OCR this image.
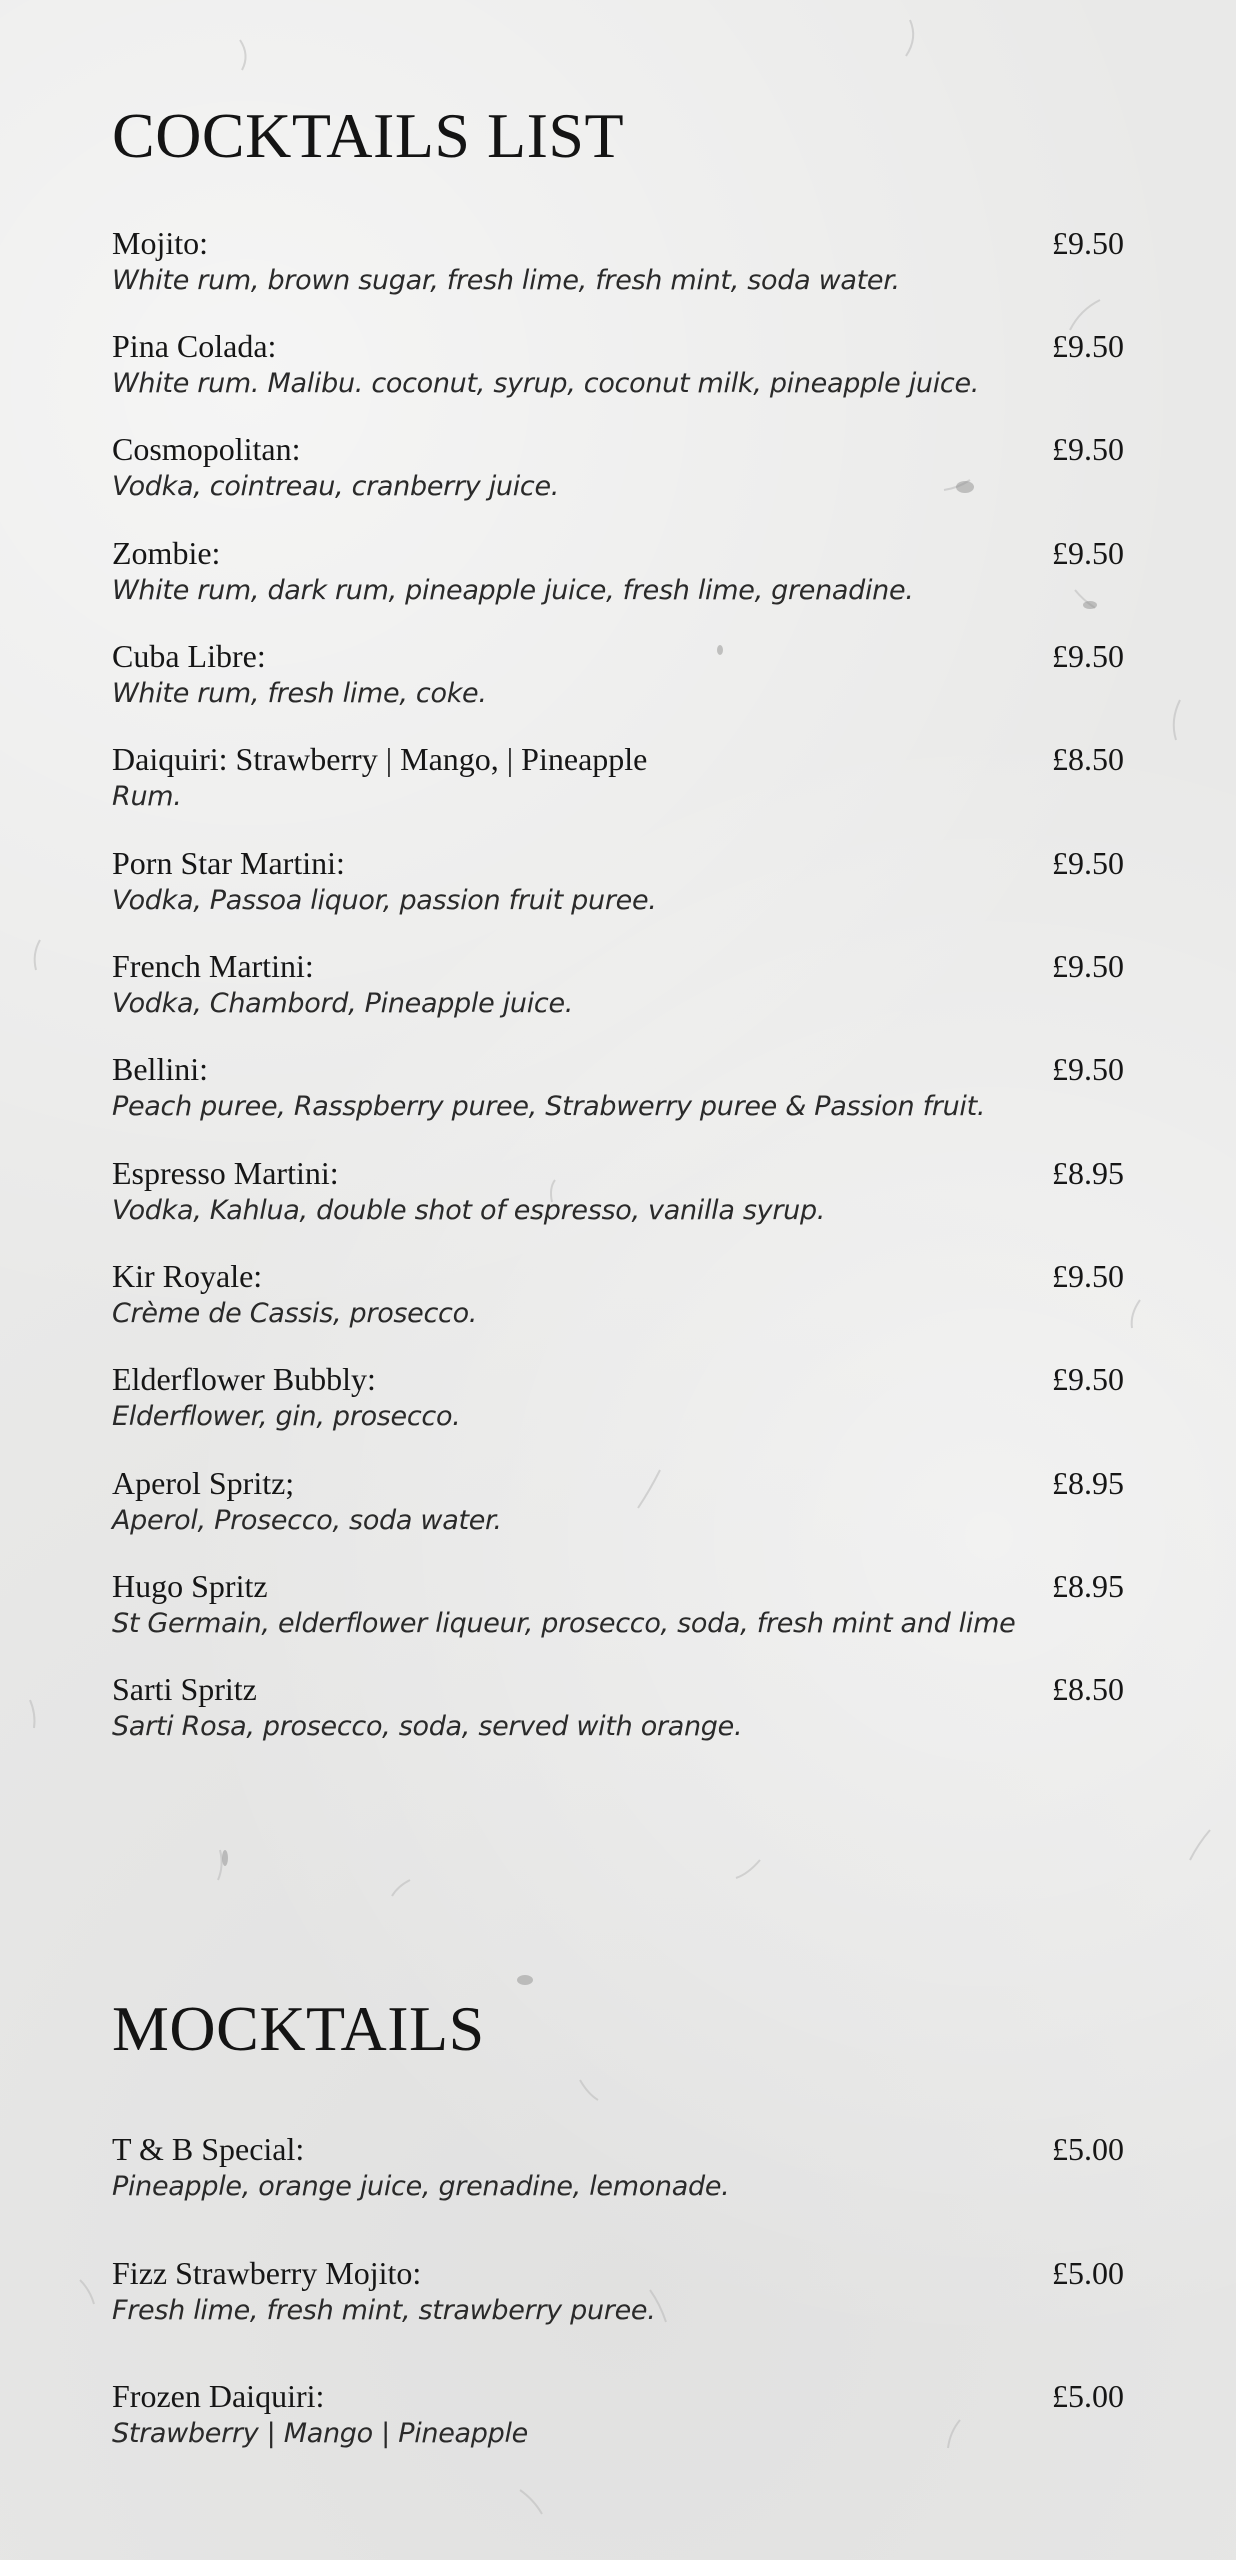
COCKTAILS LIST
Mojito:	£9.50
White rum, brown sugar, fresh lime, fresh mint, soda water.
Pina Colada:	£9.50
White rum. Malibu. coconut, syrup, coconut milk, pineapple juice.
Cosmopolitan:	£9.50
Vodka, cointreau, cranberry juice.
Zombie:	£9.50
White rum, dark rum, pineapple juice, fresh lime, grenadine.
Cuba Libre:	£9.50
White rum, fresh lime, coke.
Daiquiri: Strawberry | Mango, | Pineapple	£8.50
Rum.
Porn Star Martini:	£9.50
Vodka, Passoa liquor, passion fruit puree.
French Martini:	£9.50
Vodka, Chambord, Pineapple juice.
Bellini:	£9.50
Peach puree, Rasspberry puree, Strabwerry puree & Passion fruit.
Espresso Martini:	£8.95
Vodka, Kahlua, double shot of espresso, vanilla syrup.
Kir Royale:	£9.50
Crème de Cassis, prosecco.
Elderflower Bubbly:	£9.50
Elderflower, gin, prosecco.
Aperol Spritz;	£8.95
Aperol, Prosecco, soda water.
Hugo Spritz	£8.95
St Germain, elderflower liqueur, prosecco, soda, fresh mint and lime
Sarti Spritz	£8.50
Sarti Rosa, prosecco, soda, served with orange.
MOCKTAILS
T & B Special:	£5.00
Pineapple, orange juice, grenadine, lemonade.
Fizz Strawberry Mojito:	£5.00
Fresh lime, fresh mint, strawberry puree.
Frozen Daiquiri:	£5.00
Strawberry | Mango | Pineapple
